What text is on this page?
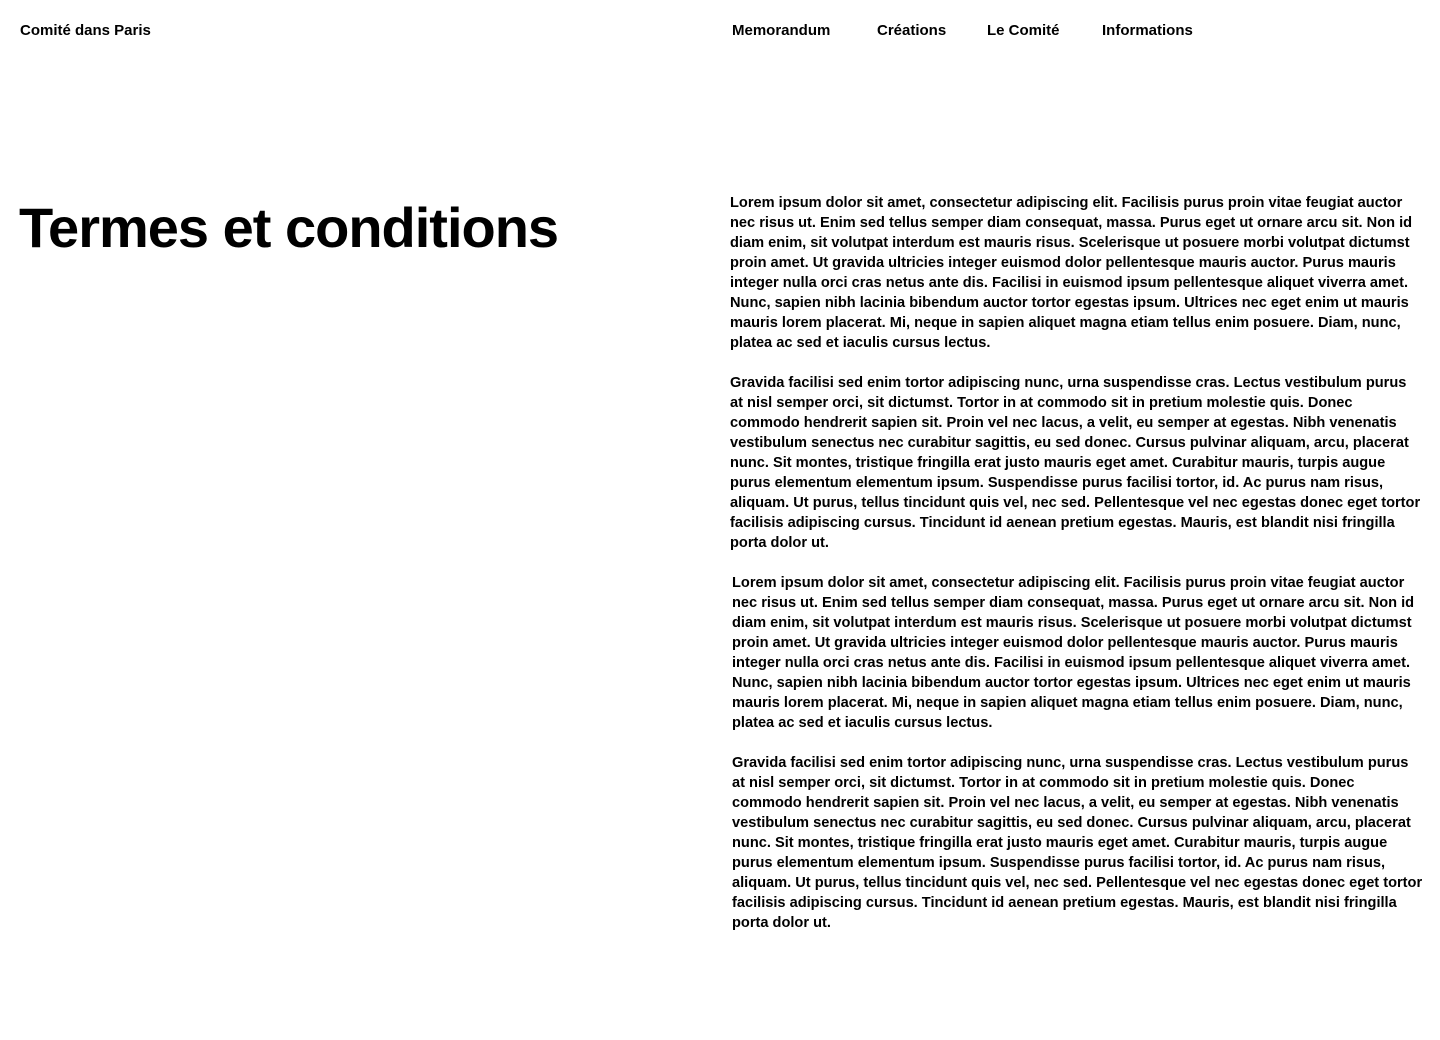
Comité dans Paris	Memorandum	Créations	Le Comité	Informations
Termes et conditions	Lorem ipsum dolor sit amet, consectetur adipiscing elit. Facilisis purus proin vitae feugiat auctor nec risus ut. Enim sed tellus semper diam consequat, massa. Purus eget ut ornare arcu sit. Non id diam enim, sit volutpat interdum est mauris risus. Scelerisque ut posuere morbi volutpat dictumst proin amet. Ut gravida ultricies integer euismod dolor pellentesque mauris auctor. Purus mauris integer nulla orci cras netus ante dis. Facilisi in euismod ipsum pellentesque aliquet viverra amet. Nunc, sapien nibh lacinia bibendum auctor tortor egestas ipsum. Ultrices nec eget enim ut mauris mauris lorem placerat. Mi, neque in sapien aliquet magna etiam tellus enim posuere. Diam, nunc, platea ac sed et iaculis cursus lectus.

Gravida facilisi sed enim tortor adipiscing nunc, urna suspendisse cras. Lectus vestibulum purus at nisl semper orci, sit dictumst. Tortor in at commodo sit in pretium molestie quis. Donec commodo hendrerit sapien sit. Proin vel nec lacus, a velit, eu semper at egestas. Nibh venenatis vestibulum senectus nec curabitur sagittis, eu sed donec. Cursus pulvinar aliquam, arcu, placerat nunc. Sit montes, tristique fringilla erat justo mauris eget amet. Curabitur mauris, turpis augue purus elementum elementum ipsum. Suspendisse purus facilisi tortor, id. Ac purus nam risus, aliquam. Ut purus, tellus tincidunt quis vel, nec sed. Pellentesque vel nec egestas donec eget tortor facilisis adipiscing cursus. Tincidunt id aenean pretium egestas. Mauris, est blandit nisi fringilla porta dolor ut.

Lorem ipsum dolor sit amet, consectetur adipiscing elit. Facilisis purus proin vitae feugiat auctor nec risus ut. Enim sed tellus semper diam consequat, massa. Purus eget ut ornare arcu sit. Non id diam enim, sit volutpat interdum est mauris risus. Scelerisque ut posuere morbi volutpat dictumst proin amet. Ut gravida ultricies integer euismod dolor pellentesque mauris auctor. Purus mauris integer nulla orci cras netus ante dis. Facilisi in euismod ipsum pellentesque aliquet viverra amet. Nunc, sapien nibh lacinia bibendum auctor tortor egestas ipsum. Ultrices nec eget enim ut mauris mauris lorem placerat. Mi, neque in sapien aliquet magna etiam tellus enim posuere. Diam, nunc, platea ac sed et iaculis cursus lectus.

Gravida facilisi sed enim tortor adipiscing nunc, urna suspendisse cras. Lectus vestibulum purus at nisl semper orci, sit dictumst. Tortor in at commodo sit in pretium molestie quis. Donec commodo hendrerit sapien sit. Proin vel nec lacus, a velit, eu semper at egestas. Nibh venenatis vestibulum senectus nec curabitur sagittis, eu sed donec. Cursus pulvinar aliquam, arcu, placerat nunc. Sit montes, tristique fringilla erat justo mauris eget amet. Curabitur mauris, turpis augue purus elementum elementum ipsum. Suspendisse purus facilisi tortor, id. Ac purus nam risus, aliquam. Ut purus, tellus tincidunt quis vel, nec sed. Pellentesque vel nec egestas donec eget tortor facilisis adipiscing cursus. Tincidunt id aenean pretium egestas. Mauris, est blandit nisi fringilla porta dolor ut.
